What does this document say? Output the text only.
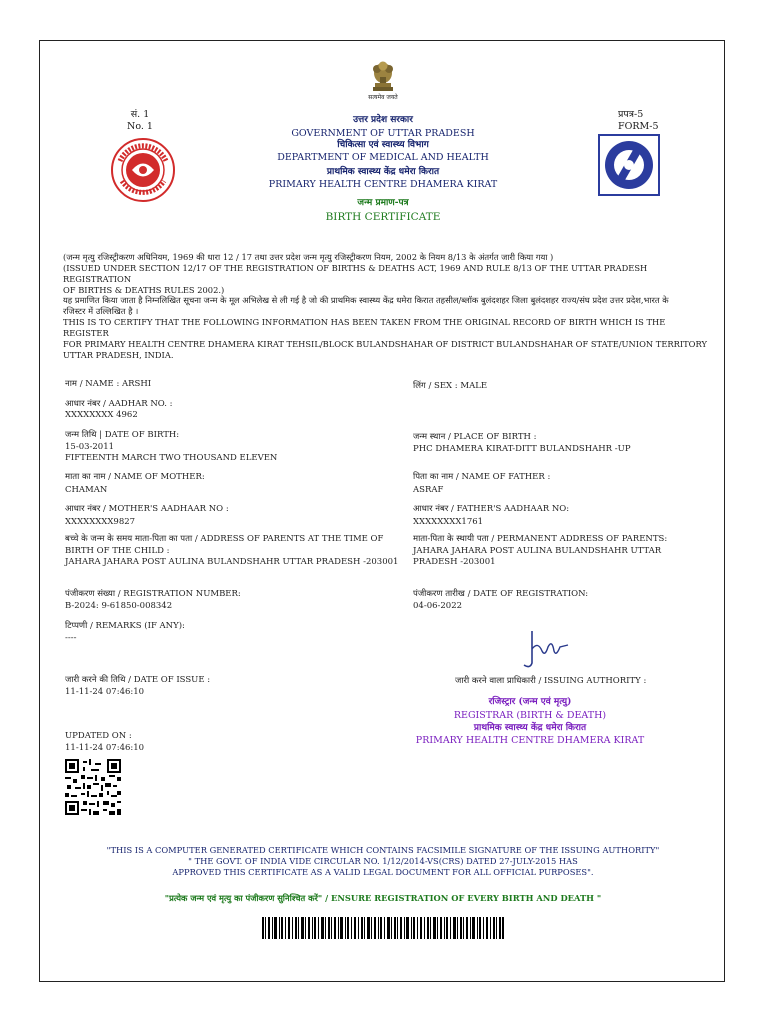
सत्यमेव जयते
सं. 1
No. 1
प्रपत्र-5
FORM-5
उत्तर प्रदेश सरकार
GOVERNMENT OF UTTAR PRADESH
चिकित्सा एवं स्वास्थ्य विभाग
DEPARTMENT OF MEDICAL AND HEALTH
प्राथमिक स्वास्थ्य केंद्र धमेरा किरात
PRIMARY HEALTH CENTRE DHAMERA KIRAT
जन्म प्रमाण-पत्र
BIRTH CERTIFICATE
(जन्म मृत्यु रजिस्ट्रीकरण अधिनियम, 1969 की धारा 12 / 17 तथा उत्तर प्रदेश जन्म मृत्यु रजिस्ट्रीकरण नियम, 2002 के नियम 8/13 के अंतर्गत जारी किया गया )
(ISSUED UNDER SECTION 12/17 OF THE REGISTRATION OF BIRTHS & DEATHS ACT, 1969 AND RULE 8/13 OF THE UTTAR PRADESH REGISTRATION
OF BIRTHS & DEATHS RULES 2002.)
यह प्रमाणित किया जाता है निम्नलिखित सूचना जन्म के मूल अभिलेख से ली गई है जो की प्राथमिक स्वास्थ्य केंद्र धमेरा किरात तहसील/ब्लॉक बुलंदशहर जिला बुलंदशहर राज्य/संघ प्रदेश उत्तर प्रदेश,भारत के
रजिस्टर में उल्लिखित है ।
THIS IS TO CERTIFY THAT THE FOLLOWING INFORMATION HAS BEEN TAKEN FROM THE ORIGINAL RECORD OF BIRTH WHICH IS THE REGISTER
FOR PRIMARY HEALTH CENTRE DHAMERA KIRAT TEHSIL/BLOCK BULANDSHAHAR OF DISTRICT BULANDSHAHAR OF STATE/UNION TERRITORY
UTTAR PRADESH, INDIA.
नाम / NAME : ARSHI
आधार नंबर / AADHAR NO. :
XXXXXXXX 4962
जन्म तिथि | DATE OF BIRTH:
15-03-2011
FIFTEENTH MARCH TWO THOUSAND ELEVEN
माता का नाम / NAME OF MOTHER:
CHAMAN
आधार नंबर / MOTHER'S AADHAAR NO :
XXXXXXXX9827
बच्चे के जन्म के समय माता-पिता का पता / ADDRESS OF PARENTS AT THE TIME OF
BIRTH OF THE CHILD :
JAHARA JAHARA POST AULINA BULANDSHAHR UTTAR PRADESH -203001
पंजीकरण संख्या / REGISTRATION NUMBER:
B-2024: 9-61850-008342
टिप्पणी / REMARKS (IF ANY):
----
जारी करने की तिथि / DATE OF ISSUE :
11-11-24 07:46:10
UPDATED ON :
11-11-24 07:46:10
लिंग / SEX : MALE
जन्म स्थान / PLACE OF BIRTH :
PHC DHAMERA KIRAT-DITT BULANDSHAHR -UP
पिता का नाम / NAME OF FATHER :
ASRAF
आधार नंबर / FATHER'S AADHAAR NO:
XXXXXXXX1761
माता-पिता के स्थायी पता / PERMANENT ADDRESS OF PARENTS:
JAHARA JAHARA POST AULINA BULANDSHAHR UTTAR
PRADESH -203001
पंजीकरण तारीख / DATE OF REGISTRATION:
04-06-2022
जारी करने वाला प्राधिकारी / ISSUING AUTHORITY :
रजिस्ट्रार (जन्म एवं मृत्यु)
REGISTRAR (BIRTH & DEATH)
प्राथमिक स्वास्थ्य केंद्र धमेरा किरात
PRIMARY HEALTH CENTRE DHAMERA KIRAT
"THIS IS A COMPUTER GENERATED CERTIFICATE WHICH CONTAINS FACSIMILE SIGNATURE OF THE ISSUING AUTHORITY"
" THE GOVT. OF INDIA VIDE CIRCULAR NO. 1/12/2014-VS(CRS) DATED 27-JULY-2015 HAS
APPROVED THIS CERTIFICATE AS A VALID LEGAL DOCUMENT FOR ALL OFFICIAL PURPOSES".
"प्रत्येक जन्म एवं मृत्यु का पंजीकरण सुनिश्चित करें" / ENSURE REGISTRATION OF EVERY BIRTH AND DEATH "
